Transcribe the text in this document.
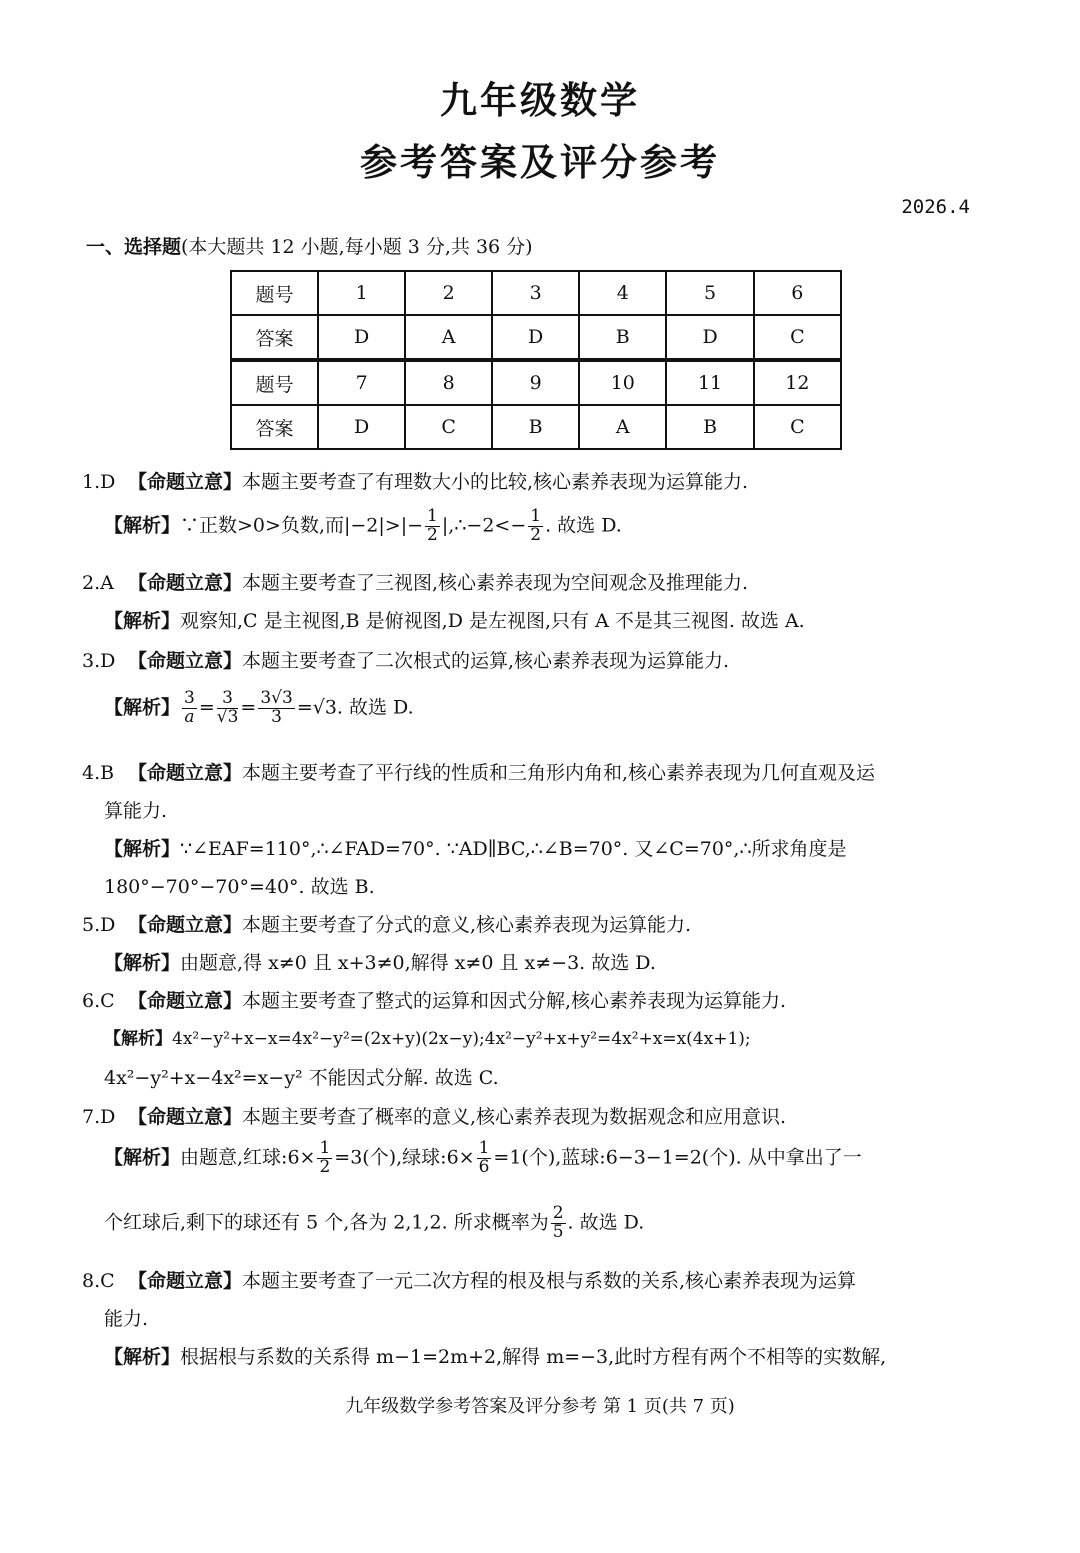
九年级数学
参考答案及评分参考
2026.4
一、选择题(本大题共 12 小题,每小题 3 分,共 36 分)
题号	1	2	3	4	5	6
答案	D	A	D	B	D	C
题号	7	8	9	10	11	12
答案	D	C	B	A	B	C
1.D 【命题立意】本题主要考查了有理数大小的比较,核心素养表现为运算能力.
【解析】∵正数>0>负数,而$|-2|>|- \frac{1}{2}$ |,∴−2<− $\frac{1}{2}$ . 故选 D.
2.A 【命题立意】本题主要考查了三视图,核心素养表现为空间观念及推理能力.
【解析】观察知,C 是主视图,B 是俯视图,D 是左视图,只有 A 不是其三视图. 故选 A.
3.D 【命题立意】本题主要考查了二次根式的运算,核心素养表现为运算能力.
【解析】 $\frac{3}{a} = \frac{3}{√3} = \frac{3√3}{3} =√3$. 故选 D.
4.B 【命题立意】本题主要考查了平行线的性质和三角形内角和,核心素养表现为几何直观及运
算能力.
【解析】∵∠EAF=110°,∴∠FAD=70°. ∵AD∥BC,∴∠B=70°. 又∠C=70°,∴所求角度是
180°−70°−70°=40°. 故选 B.
5.D 【命题立意】本题主要考查了分式的意义,核心素养表现为运算能力.
【解析】由题意,得 x≠0 且 x+3≠0,解得 x≠0 且 x≠−3. 故选 D.
6.C 【命题立意】本题主要考查了整式的运算和因式分解,核心素养表现为运算能力.
【解析】4x²−y²+x−x=4x²−y²=(2x+y)(2x−y);4x²−y²+x+y²=4x²+x=x(4x+1);
4x²−y²+x−4x²=x−y² 不能因式分解. 故选 C.
7.D 【命题立意】本题主要考查了概率的意义,核心素养表现为数据观念和应用意识.
【解析】由题意,红球:6× $\frac{1}{2} =3$(个),绿球:6× $\frac{1}{6} =1$(个),蓝球:6−3−1=2(个). 从中拿出了一
个红球后,剩下的球还有 5 个,各为 2,1,2. 所求概率为 $\frac{2}{5}$ . 故选 D.
8.C 【命题立意】本题主要考查了一元二次方程的根及根与系数的关系,核心素养表现为运算
能力.
【解析】根据根与系数的关系得 m−1=2m+2,解得 m=−3,此时方程有两个不相等的实数解,
九年级数学参考答案及评分参考 第 1 页(共 7 页)
